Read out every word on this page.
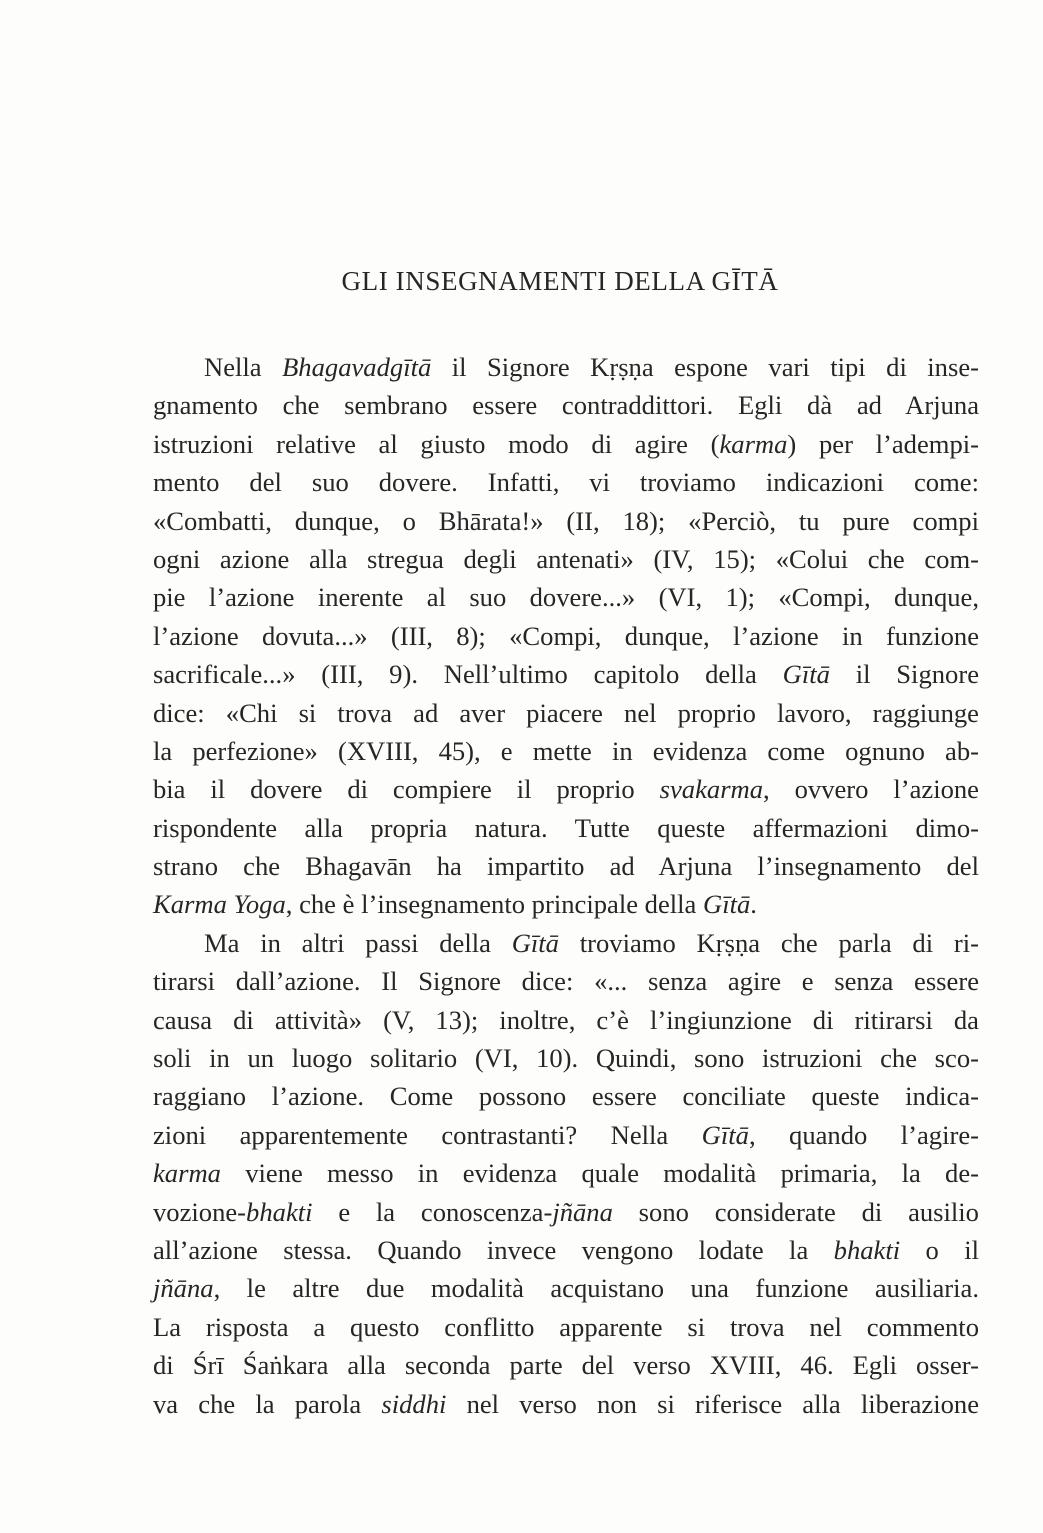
GLI INSEGNAMENTI DELLA GĪTĀ
Nella Bhagavadgītā il Signore Kṛṣṇa espone vari tipi di inse-
gnamento che sembrano essere contraddittori. Egli dà ad Arjuna
istruzioni relative al giusto modo di agire (karma) per l’adempi-
mento del suo dovere. Infatti, vi troviamo indicazioni come:
«Combatti, dunque, o Bhārata!» (II, 18); «Perciò, tu pure compi
ogni azione alla stregua degli antenati» (IV, 15); «Colui che com-
pie l’azione inerente al suo dovere...» (VI, 1); «Compi, dunque,
l’azione dovuta...» (III, 8); «Compi, dunque, l’azione in funzione
sacrificale...» (III, 9). Nell’ultimo capitolo della Gītā il Signore
dice: «Chi si trova ad aver piacere nel proprio lavoro, raggiunge
la perfezione» (XVIII, 45), e mette in evidenza come ognuno ab-
bia il dovere di compiere il proprio svakarma, ovvero l’azione
rispondente alla propria natura. Tutte queste affermazioni dimo-
strano che Bhagavān ha impartito ad Arjuna l’insegnamento del
Karma Yoga, che è l’insegnamento principale della Gītā.
Ma in altri passi della Gītā troviamo Kṛṣṇa che parla di ri-
tirarsi dall’azione. Il Signore dice: «... senza agire e senza essere
causa di attività» (V, 13); inoltre, c’è l’ingiunzione di ritirarsi da
soli in un luogo solitario (VI, 10). Quindi, sono istruzioni che sco-
raggiano l’azione. Come possono essere conciliate queste indica-
zioni apparentemente contrastanti? Nella Gītā, quando l’agire-
karma viene messo in evidenza quale modalità primaria, la de-
vozione-bhakti e la conoscenza-jñāna sono considerate di ausilio
all’azione stessa. Quando invece vengono lodate la bhakti o il
jñāna, le altre due modalità acquistano una funzione ausiliaria.
La risposta a questo conflitto apparente si trova nel commento
di Śrī Śaṅkara alla seconda parte del verso XVIII, 46. Egli osser-
va che la parola siddhi nel verso non si riferisce alla liberazione
